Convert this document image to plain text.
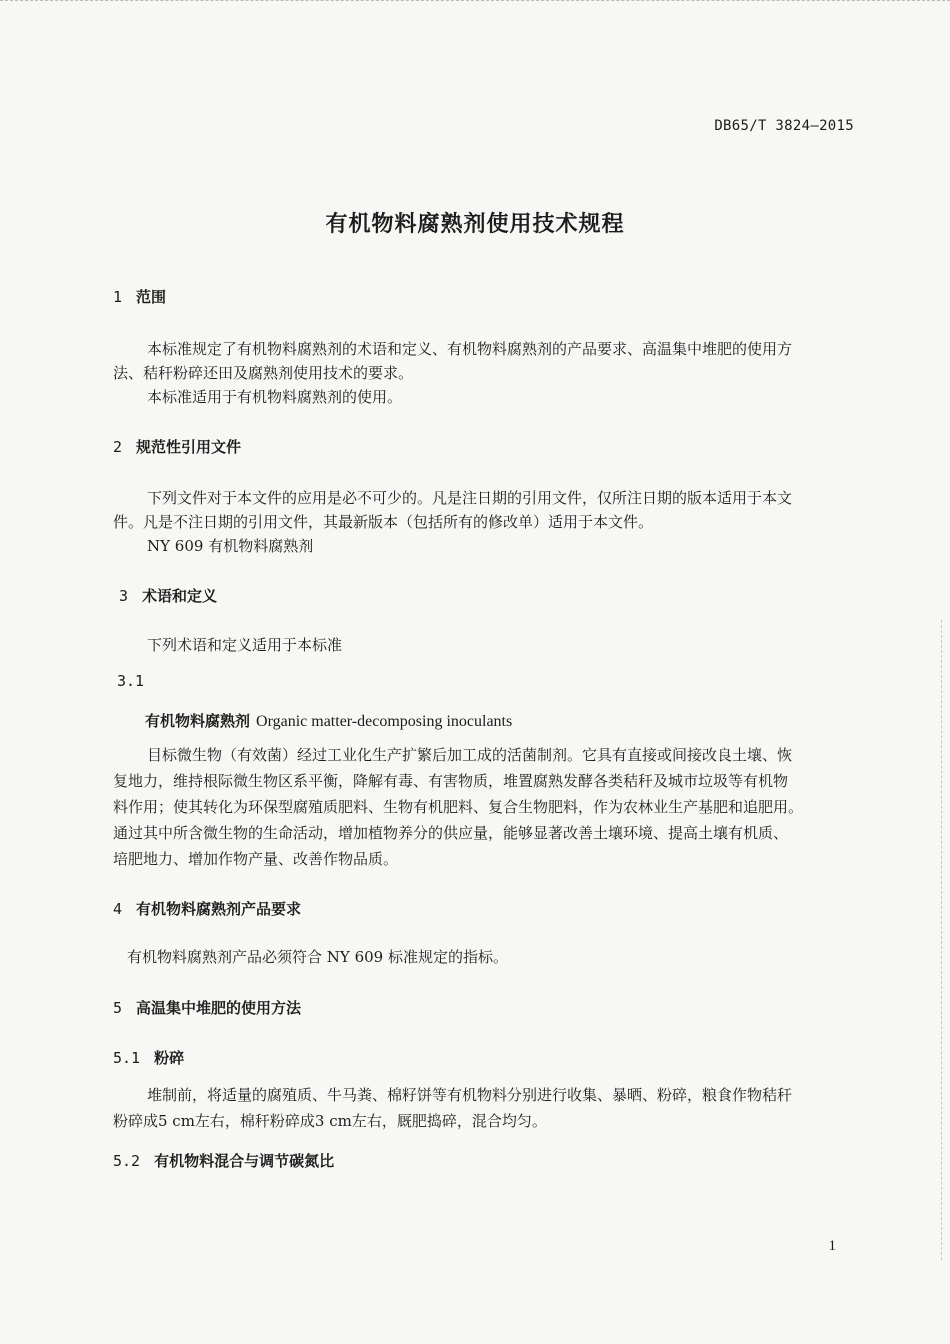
DB65/T 3824—2015
有机物料腐熟剂使用技术规程
1 范围
本标准规定了有机物料腐熟剂的术语和定义、有机物料腐熟剂的产品要求、高温集中堆肥的使用方
法、秸秆粉碎还田及腐熟剂使用技术的要求。
本标准适用于有机物料腐熟剂的使用。
2 规范性引用文件
下列文件对于本文件的应用是必不可少的。凡是注日期的引用文件，仅所注日期的版本适用于本文
件。凡是不注日期的引用文件，其最新版本（包括所有的修改单）适用于本文件。
NY 609 有机物料腐熟剂
3 术语和定义
下列术语和定义适用于本标准
3.1
有机物料腐熟剂 Organic matter-decomposing inoculants
目标微生物（有效菌）经过工业化生产扩繁后加工成的活菌制剂。它具有直接或间接改良土壤、恢
复地力，维持根际微生物区系平衡，降解有毒、有害物质，堆置腐熟发酵各类秸秆及城市垃圾等有机物
料作用；使其转化为环保型腐殖质肥料、生物有机肥料、复合生物肥料，作为农林业生产基肥和追肥用。
通过其中所含微生物的生命活动，增加植物养分的供应量，能够显著改善土壤环境、提高土壤有机质、
培肥地力、增加作物产量、改善作物品质。
4 有机物料腐熟剂产品要求
有机物料腐熟剂产品必须符合 NY 609 标准规定的指标。
5 高温集中堆肥的使用方法
5.1 粉碎
堆制前，将适量的腐殖质、牛马粪、棉籽饼等有机物料分别进行收集、暴晒、粉碎，粮食作物秸秆
粉碎成5 cm左右，棉秆粉碎成3 cm左右，厩肥捣碎，混合均匀。
5.2 有机物料混合与调节碳氮比
1
